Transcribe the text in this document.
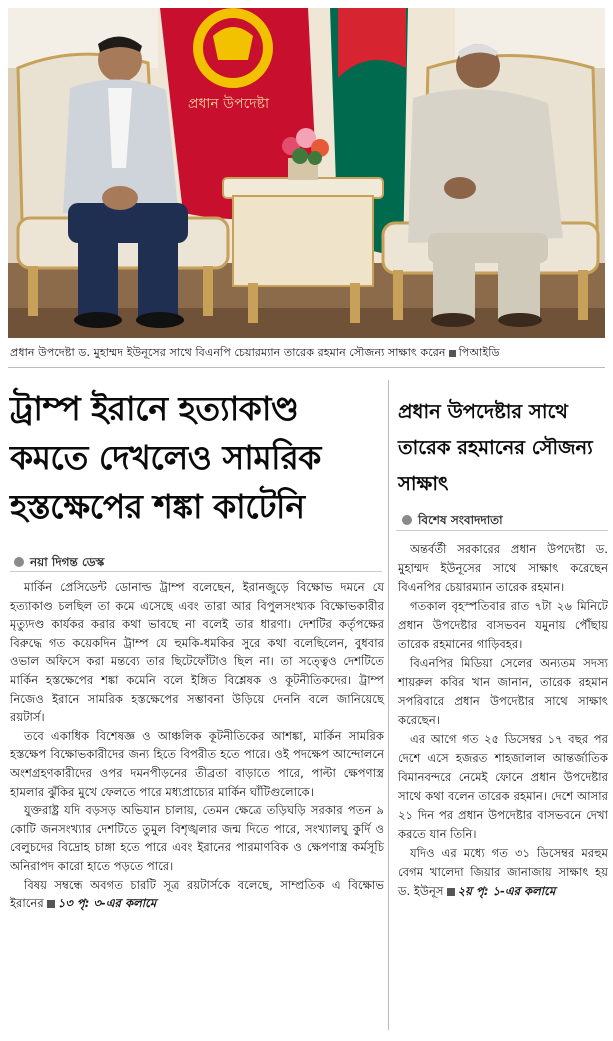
প্রধান উপদেষ্টা
প্রধান উপদেষ্টা ড. মুহাম্মদ ইউনূসের সাথে বিএনপি চেয়ারম্যান তারেক রহমান সৌজন্য সাক্ষাৎ করেন পিআইডি
ট্রাম্প ইরানে হত্যাকাণ্ড কমতে দেখলেও সামরিক হস্তক্ষেপের শঙ্কা কাটেনি
নয়া দিগন্ত ডেস্ক

মার্কিন প্রেসিডেন্ট ডোনাল্ড ট্রাম্প বলেছেন, ইরানজুড়ে বিক্ষোভ দমনে যে হত্যাকাণ্ড চলছিল তা কমে এসেছে এবং তারা আর বিপুলসংখ্যক বিক্ষোভকারীর মৃত্যুদণ্ড কার্যকর করার কথা ভাবছে না বলেই তার ধারণা। দেশটির কর্তৃপক্ষের বিরুদ্ধে গত কয়েকদিন ট্রাম্প যে হুমকি-ধমকির সুরে কথা বলেছিলেন, বুধবার ওভাল অফিসে করা মন্তব্যে তার ছিটেফোঁটাও ছিল না। তা সত্ত্বেও দেশটিতে মার্কিন হস্তক্ষেপের শঙ্কা কমেনি বলে ইঙ্গিত বিশ্লেষক ও কূটনীতিকদের। ট্রাম্প নিজেও ইরানে সামরিক হস্তক্ষেপের সম্ভাবনা উড়িয়ে দেননি বলে জানিয়েছে রয়টার্স।

তবে একাধিক বিশেষজ্ঞ ও আঞ্চলিক কূটনীতিকের আশঙ্কা, মার্কিন সামরিক হস্তক্ষেপ বিক্ষোভকারীদের জন্য হিতে বিপরীত হতে পারে। ওই পদক্ষেপ আন্দোলনে অংশগ্রহণকারীদের ওপর দমনপীড়নের তীব্রতা বাড়াতে পারে, পাল্টা ক্ষেপণাস্ত্র হামলার ঝুঁকির মুখে ফেলতে পারে মধ্যপ্রাচ্যের মার্কিন ঘাঁটিগুলোকে।

যুক্তরাষ্ট্র যদি বড়সড় অভিযান চালায়, তেমন ক্ষেত্রে তড়িঘড়ি সরকার পতন ৯ কোটি জনসংখ্যার দেশটিতে তুমুল বিশৃঙ্খলার জন্ম দিতে পারে, সংখ্যালঘু কুর্দি ও বেলুচদের বিদ্রোহ চাঙ্গা হতে পারে এবং ইরানের পারমাণবিক ও ক্ষেপণাস্ত্র কর্মসূচি অনিরাপদ কারো হাতে পড়তে পারে।

বিষয় সম্বন্ধে অবগত চারটি সূত্র রয়টার্সকে বলেছে, সাম্প্রতিক এ বিক্ষোভ ইরানের ১৩ পৃ: ৩-এর কলামে

প্রধান উপদেষ্টার সাথে তারেক রহমানের সৌজন্য সাক্ষাৎ
বিশেষ সংবাদদাতা

অন্তর্বর্তী সরকারের প্রধান উপদেষ্টা ড. মুহাম্মদ ইউনূসের সাথে সাক্ষাৎ করেছেন বিএনপির চেয়ারম্যান তারেক রহমান।

গতকাল বৃহস্পতিবার রাত ৭টা ২৬ মিনিটে প্রধান উপদেষ্টার বাসভবন যমুনায় পৌঁছায় তারেক রহমানের গাড়িবহর।

বিএনপির মিডিয়া সেলের অন্যতম সদস্য শায়রুল কবির খান জানান, তারেক রহমান সপরিবারে প্রধান উপদেষ্টার সাথে সাক্ষাৎ করেছেন।

এর আগে গত ২৫ ডিসেম্বর ১৭ বছর পর দেশে এসে হজরত শাহজালাল আন্তর্জাতিক বিমানবন্দরে নেমেই ফোনে প্রধান উপদেষ্টার সাথে কথা বলেন তারেক রহমান। দেশে আসার ২১ দিন পর প্রধান উপদেষ্টার বাসভবনে দেখা করতে যান তিনি।

যদিও এর মধ্যে গত ৩১ ডিসেম্বর মরহুম বেগম খালেদা জিয়ার জানাজায় সাক্ষাৎ হয় ড. ইউনূস ২য় পৃ: ১-এর কলামে
